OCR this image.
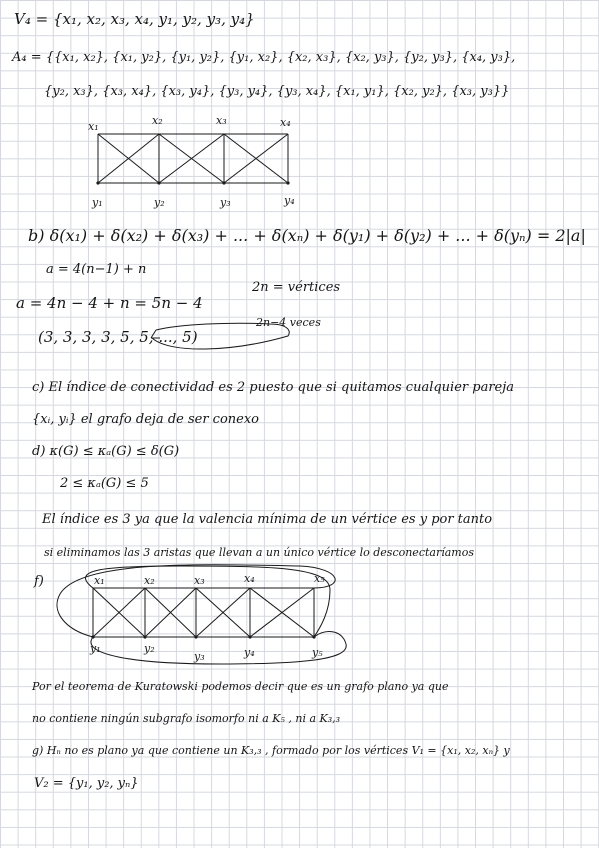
V₄ = {x₁, x₂, x₃, x₄, y₁, y₂, y₃, y₄}
A₄ = {{x₁, x₂}, {x₁, y₂}, {y₁, y₂}, {y₁, x₂}, {x₂, x₃}, {x₂, y₃}, {y₂, y₃}, {x₄, y₃},
{y₂, x₃}, {x₃, x₄}, {x₃, y₄}, {y₃, y₄}, {y₃, x₄}, {x₁, y₁}, {x₂, y₂}, {x₃, y₃}}
x₁	x₂	x₃	x₄
y₁	y₂	y₃	y₄
b) δ(x₁) + δ(x₂) + δ(x₃) + ... + δ(xₙ) + δ(y₁) + δ(y₂) + ... + δ(yₙ) = 2|a|
a = 4(n−1) + n
2n = vértices
a = 4n − 4 + n = 5n − 4
2n−4 veces
(3, 3, 3, 3, 5, 5, ..., 5)
c) El índice de conectividad es 2 puesto que si quitamos cualquier pareja
{xᵢ, yᵢ} el grafo deja de ser conexo
d) κ(G) ≤ κₐ(G) ≤ δ(G)
2 ≤ κₐ(G) ≤ 5
El índice es 3 ya que la valencia mínima de un vértice es y por tanto
si eliminamos las 3 aristas que llevan a un único vértice lo desconectaríamos
f)	x₁	x₂	x₃	x₄	x₅
y₁	y₂
y₃	y₄	y₅
Por el teorema de Kuratowski podemos decir que es un grafo plano ya que
no contiene ningún subgrafo isomorfo ni a K₅ , ni a K₃,₃
g) Hₙ no es plano ya que contiene un K₃,₃ , formado por los vértices V₁ = {x₁, x₂, xₙ} y
V₂ = {y₁, y₂, yₙ}
